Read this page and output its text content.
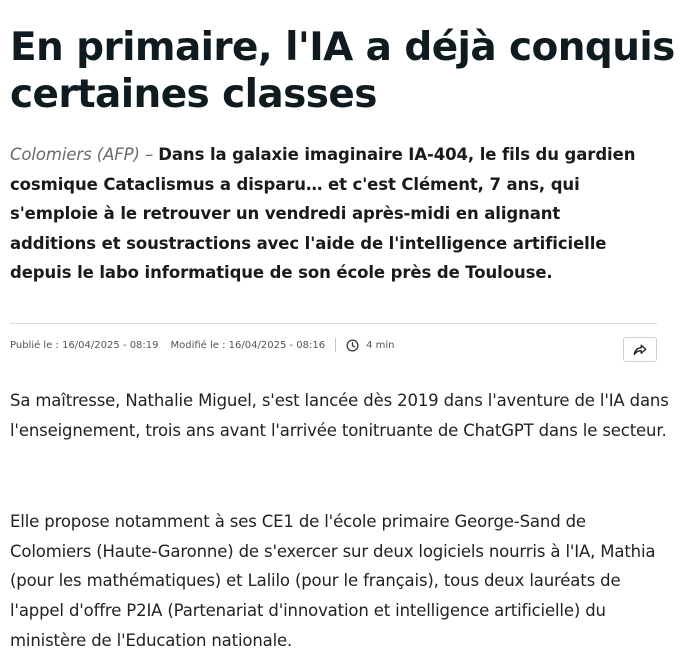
En primaire, l'IA a déjà conquis
certaines classes

Colomiers (AFP) – Dans la galaxie imaginaire IA-404, le fils du gardien cosmique Cataclismus a disparu… et c'est Clément, 7 ans, qui s'emploie à le retrouver un vendredi après-midi en alignant additions et soustractions avec l'aide de l'intelligence artificielle depuis le labo informatique de son école près de Toulouse.

Publié le : 16/04/2025 - 08:19 Modifié le : 16/04/2025 - 08:16	4 min

Sa maîtresse, Nathalie Miguel, s'est lancée dès 2019 dans l'aventure de l'IA dans l'enseignement, trois ans avant l'arrivée tonitruante de ChatGPT dans le secteur.

Elle propose notamment à ses CE1 de l'école primaire George-Sand de Colomiers (Haute-Garonne) de s'exercer sur deux logiciels nourris à l'IA, Mathia (pour les mathématiques) et Lalilo (pour le français), tous deux lauréats de l'appel d'offre P2IA (Partenariat d'innovation et intelligence artificielle) du ministère de l'Education nationale.
